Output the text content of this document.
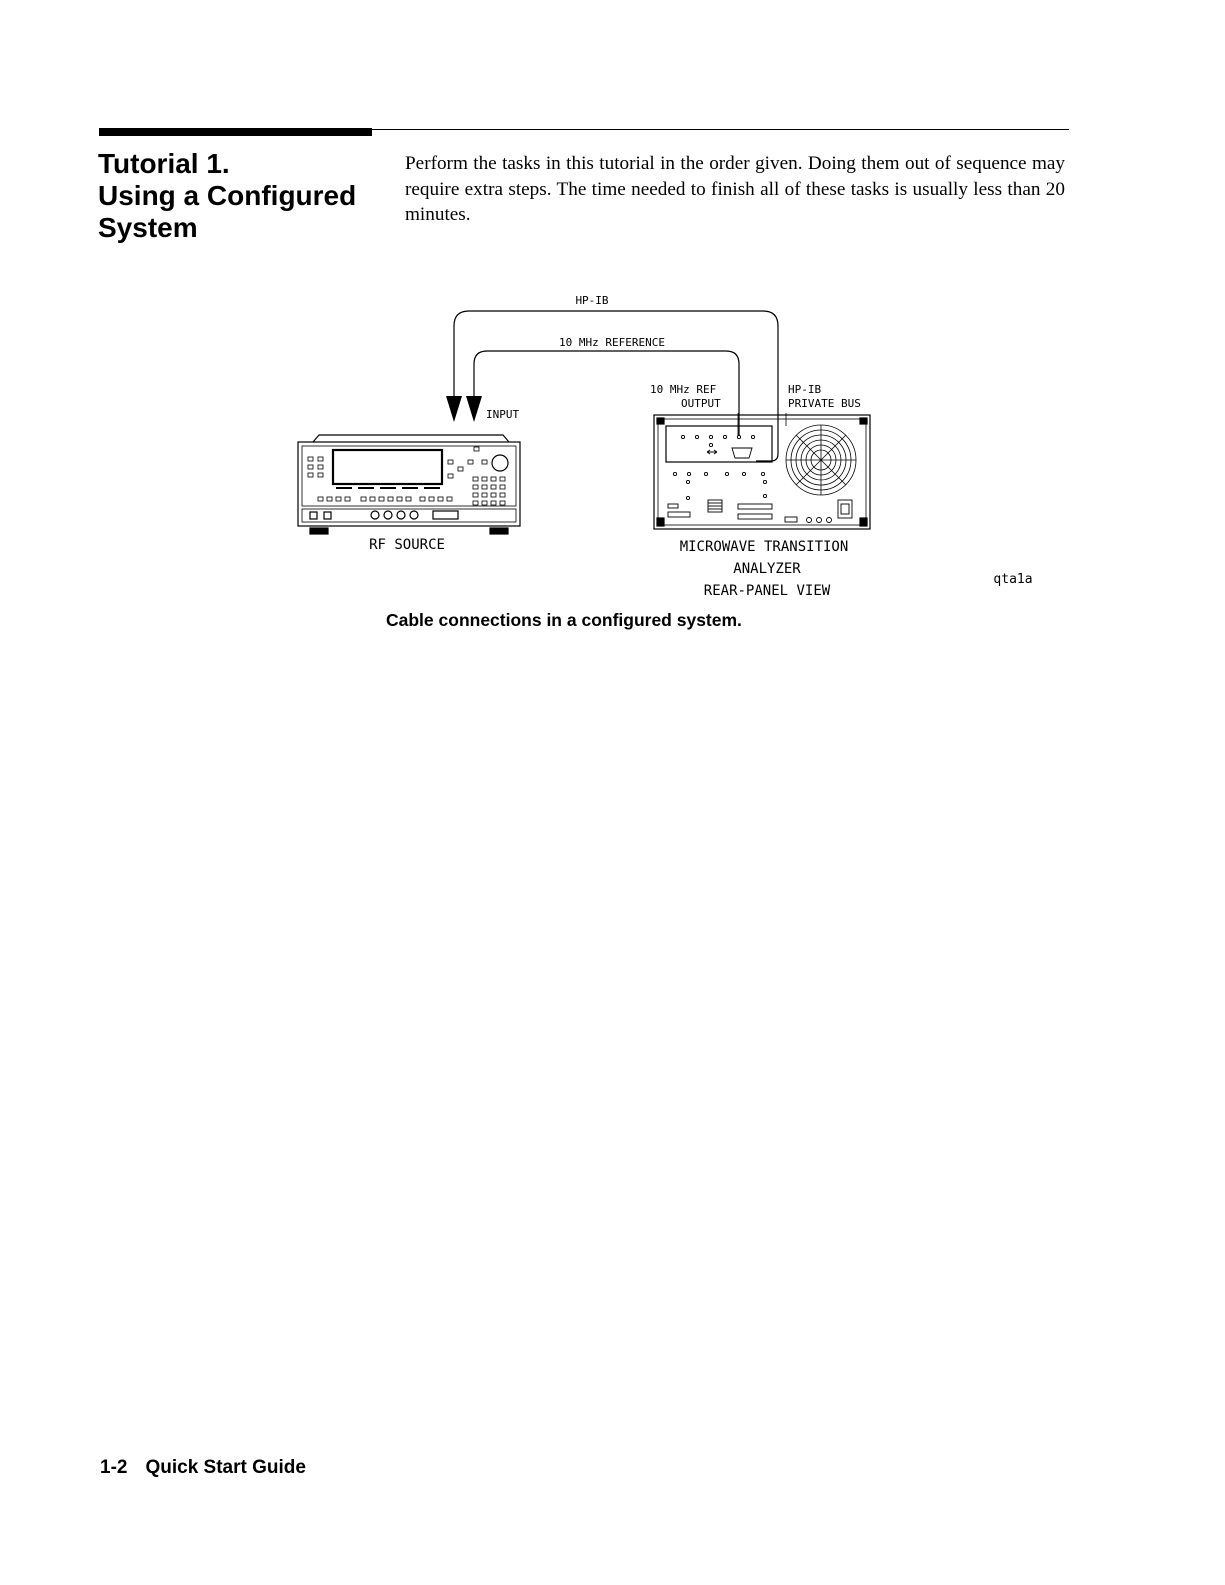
Tutorial 1.
Using a Configured
System

Perform the tasks in this tutorial in the order given. Doing them out of sequence may require extra steps. The time needed to finish all of these tasks is usually less than 20 minutes.

HP-IB
10 MHz REFERENCE
INPUT
10 MHz REF
OUTPUT
HP-IB
PRIVATE BUS
RF SOURCE	MICROWAVE TRANSITION
ANALYZER
REAR-PANEL VIEW
qta1a

Cable connections in a configured system.

1-2 Quick Start Guide
